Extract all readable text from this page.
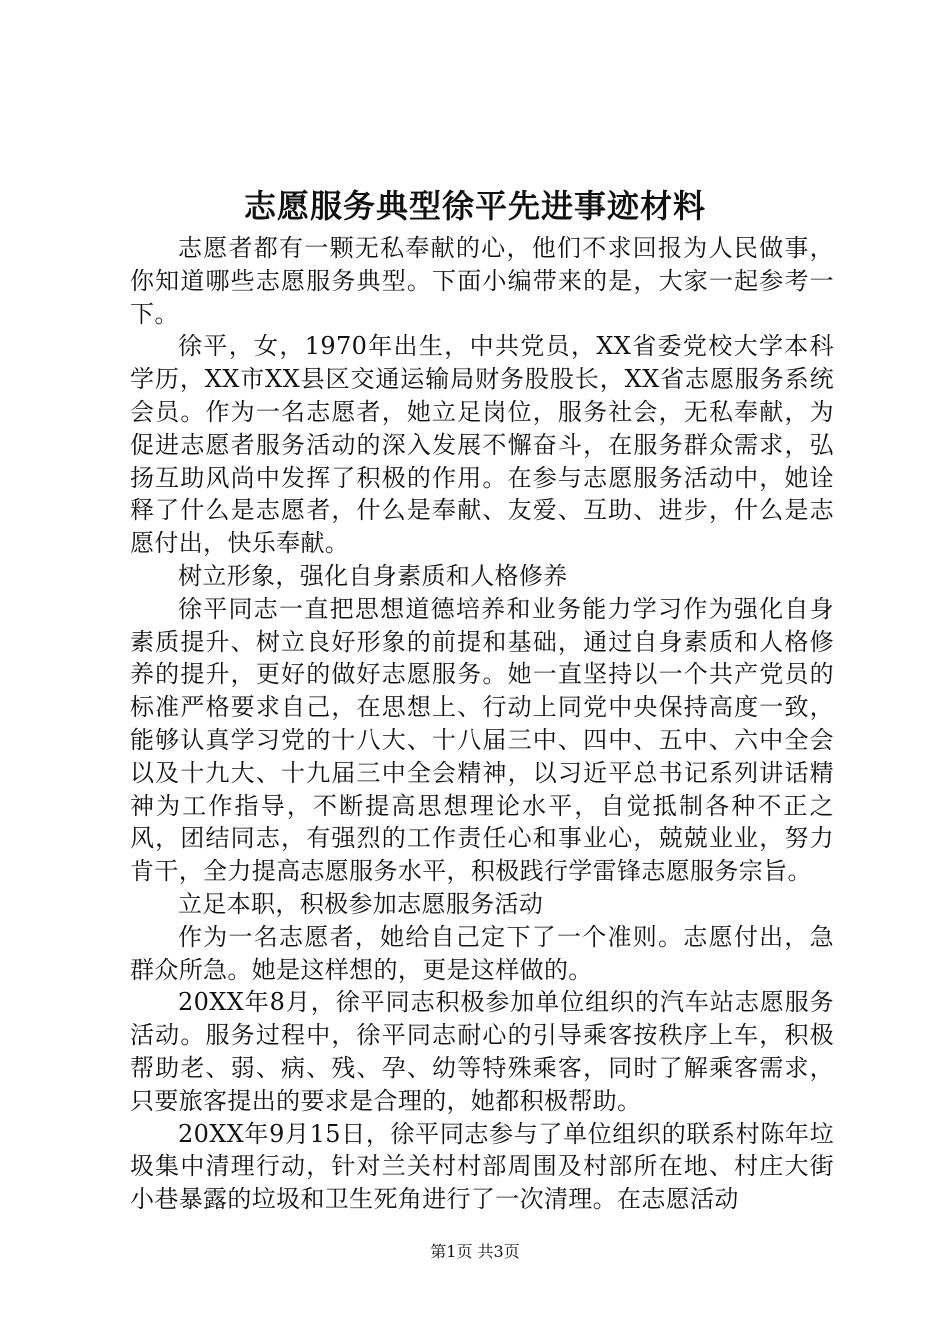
志愿服务典型徐平先进事迹材料

志愿者都有一颗无私奉献的心，他们不求回报为人民做事，你知道哪些志愿服务典型。下面小编带来的是，大家一起参考一下。

徐平，女，1970年出生，中共党员，XX省委党校大学本科学历，XX市XX县区交通运输局财务股股长，XX省志愿服务系统会员。作为一名志愿者，她立足岗位，服务社会，无私奉献，为促进志愿者服务活动的深入发展不懈奋斗，在服务群众需求，弘扬互助风尚中发挥了积极的作用。在参与志愿服务活动中，她诠释了什么是志愿者，什么是奉献、友爱、互助、进步，什么是志愿付出，快乐奉献。

树立形象，强化自身素质和人格修养

徐平同志一直把思想道德培养和业务能力学习作为强化自身素质提升、树立良好形象的前提和基础，通过自身素质和人格修养的提升，更好的做好志愿服务。她一直坚持以一个共产党员的标准严格要求自己，在思想上、行动上同党中央保持高度一致，能够认真学习党的十八大、十八届三中、四中、五中、六中全会以及十九大、十九届三中全会精神，以习近平总书记系列讲话精神为工作指导，不断提高思想理论水平，自觉抵制各种不正之风，团结同志，有强烈的工作责任心和事业心，兢兢业业，努力肯干，全力提高志愿服务水平，积极践行学雷锋志愿服务宗旨。

立足本职，积极参加志愿服务活动

作为一名志愿者，她给自己定下了一个准则。志愿付出，急群众所急。她是这样想的，更是这样做的。

20XX年8月，徐平同志积极参加单位组织的汽车站志愿服务活动。服务过程中，徐平同志耐心的引导乘客按秩序上车，积极帮助老、弱、病、残、孕、幼等特殊乘客，同时了解乘客需求，只要旅客提出的要求是合理的，她都积极帮助。

20XX年9月15日，徐平同志参与了单位组织的联系村陈年垃圾集中清理行动，针对兰关村村部周围及村部所在地、村庄大街小巷暴露的垃圾和卫生死角进行了一次清理。在志愿活动

第1页 共3页
